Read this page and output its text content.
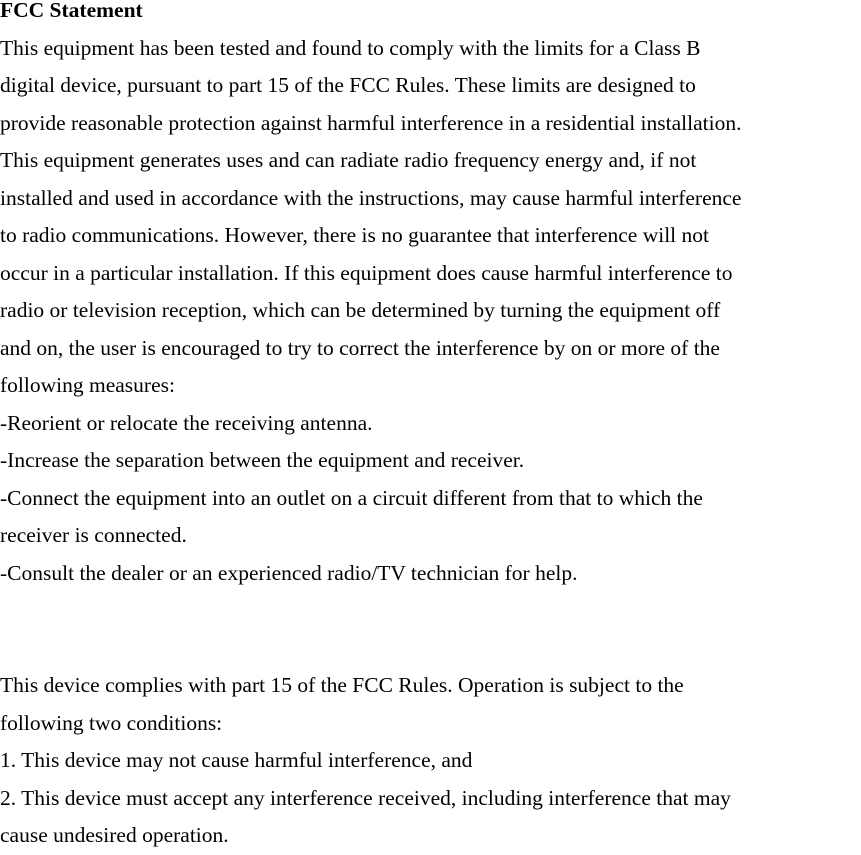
FCC Statement
This equipment has been tested and found to comply with the limits for a Class B
digital device, pursuant to part 15 of the FCC Rules. These limits are designed to
provide reasonable protection against harmful interference in a residential installation.
This equipment generates uses and can radiate radio frequency energy and, if not
installed and used in accordance with the instructions, may cause harmful interference
to radio communications. However, there is no guarantee that interference will not
occur in a particular installation. If this equipment does cause harmful interference to
radio or television reception, which can be determined by turning the equipment off
and on, the user is encouraged to try to correct the interference by on or more of the
following measures:
-Reorient or relocate the receiving antenna.
-Increase the separation between the equipment and receiver.
-Connect the equipment into an outlet on a circuit different from that to which the
receiver is connected.
-Consult the dealer or an experienced radio/TV technician for help.
This device complies with part 15 of the FCC Rules. Operation is subject to the
following two conditions:
1. This device may not cause harmful interference, and
2. This device must accept any interference received, including interference that may
cause undesired operation.
